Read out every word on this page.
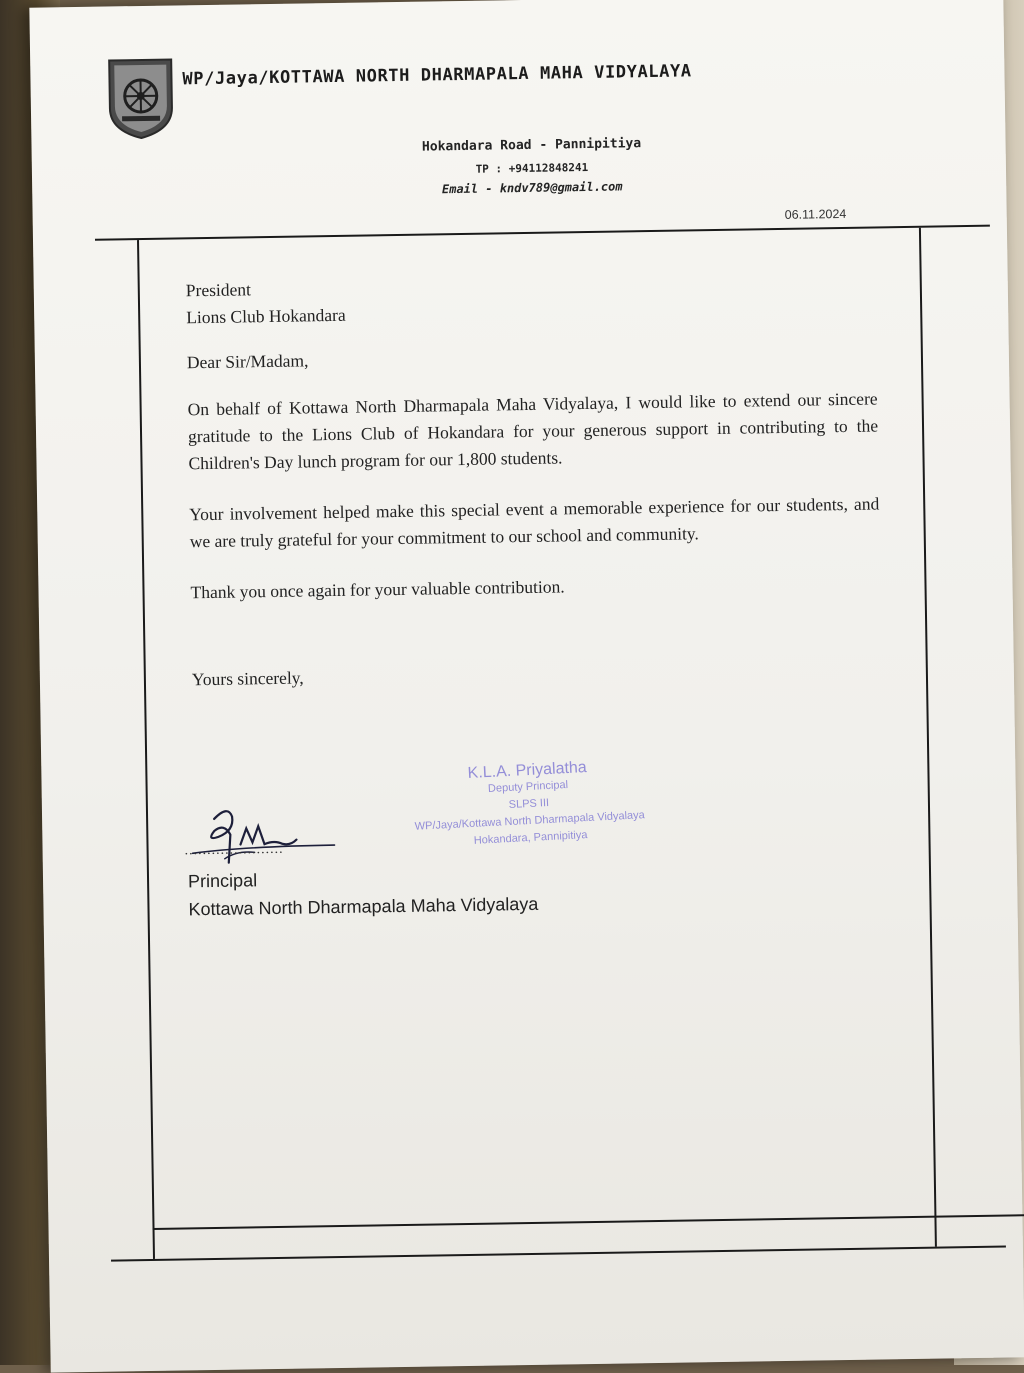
WP/Jaya/KOTTAWA NORTH DHARMAPALA MAHA VIDYALAYA
Hokandara Road - Pannipitiya
TP : +94112848241
Email - kndv789@gmail.com
06.11.2024

President

Lions Club Hokandara

Dear Sir/Madam,

On behalf of Kottawa North Dharmapala Maha Vidyalaya, I would like to extend our sincere gratitude to the Lions Club of Hokandara for your generous support in contributing to the Children's Day lunch program for our 1,800 students.

Your involvement helped make this special event a memorable experience for our students, and we are truly grateful for your commitment to our school and community.

Thank you once again for your valuable contribution.

Yours sincerely,

K.L.A. Priyalatha
Deputy Principal
SLPS III
WP/Jaya/Kottawa North Dharmapala Vidyalaya
Hokandara, Pannipitiya
......................
Principal
Kottawa North Dharmapala Maha Vidyalaya
